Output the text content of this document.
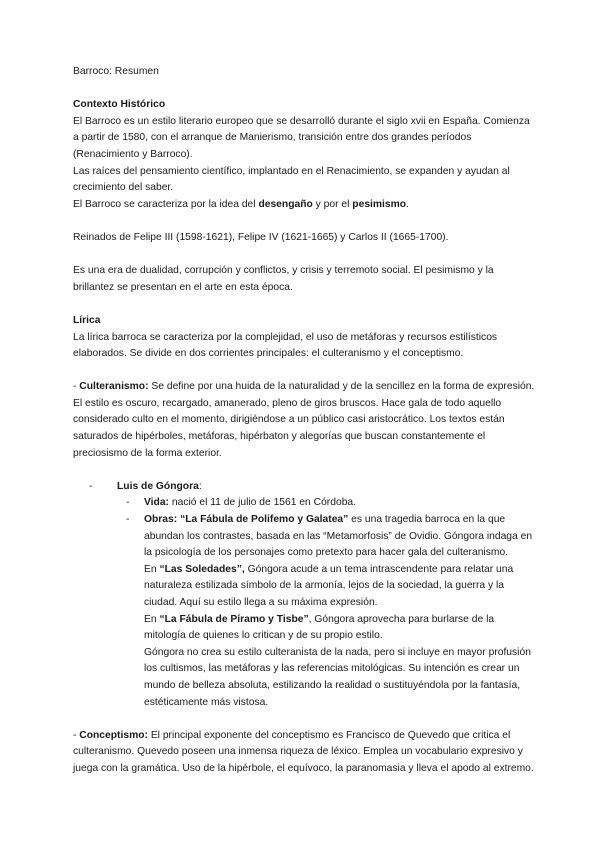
Barroco: Resumen

Contexto Histórico

El Barroco es un estilo literario europeo que se desarrolló durante el siglo xvii en España. Comienza a partir de 1580, con el arranque de Manierismo, transición entre dos grandes períodos (Renacimiento y Barroco).

Las raíces del pensamiento científico, implantado en el Renacimiento, se expanden y ayudan al crecimiento del saber.

El Barroco se caracteriza por la idea del desengaño y por el pesimismo.

Reinados de Felipe III (1598-1621), Felipe IV (1621-1665) y Carlos II (1665-1700).

Es una era de dualidad, corrupción y conflictos, y crisis y terremoto social. El pesimismo y la brillantez se presentan en el arte en esta época.

Lírica

La lírica barroca se caracteriza por la complejidad, el uso de metáforas y recursos estilísticos elaborados. Se divide en dos corrientes principales: el culteranismo y el conceptismo.

- Culteranismo: Se define por una huida de la naturalidad y de la sencillez en la forma de expresión. El estilo es oscuro, recargado, amanerado, pleno de giros bruscos. Hace gala de todo aquello considerado culto en el momento, dirigiéndose a un público casi aristocrático. Los textos están saturados de hipérboles, metáforas, hipérbaton y alegorías que buscan constantemente el preciosismo de la forma exterior.

- Luis de Góngora:

- Vida: nació el 11 de julio de 1561 en Córdoba.

- Obras: “La Fábula de Polifemo y Galatea” es una tragedia barroca en la que abundan los contrastes, basada en las “Metamorfosis” de Ovidio. Góngora indaga en la psicología de los personajes como pretexto para hacer gala del culteranismo.

En “Las Soledades”, Góngora acude a un tema intrascendente para relatar una naturaleza estilizada símbolo de la armonía, lejos de la sociedad, la guerra y la ciudad. Aquí su estilo llega a su máxima expresión.

En “La Fábula de Píramo y Tisbe”, Góngora aprovecha para burlarse de la mitología de quienes lo critican y de su propio estilo.

Góngora no crea su estilo culteranista de la nada, pero si incluye en mayor profusión los cultismos, las metáforas y las referencias mitológicas. Su intención es crear un mundo de belleza absoluta, estilizando la realidad o sustituyéndola por la fantasía, estéticamente más vistosa.

- Conceptismo: El principal exponente del conceptismo es Francisco de Quevedo que critica el culteranismo. Quevedo poseen una inmensa riqueza de léxico. Emplea un vocabulario expresivo y juega con la gramática. Uso de la hipérbole, el equívoco, la paranomasia y lleva el apodo al extremo.
